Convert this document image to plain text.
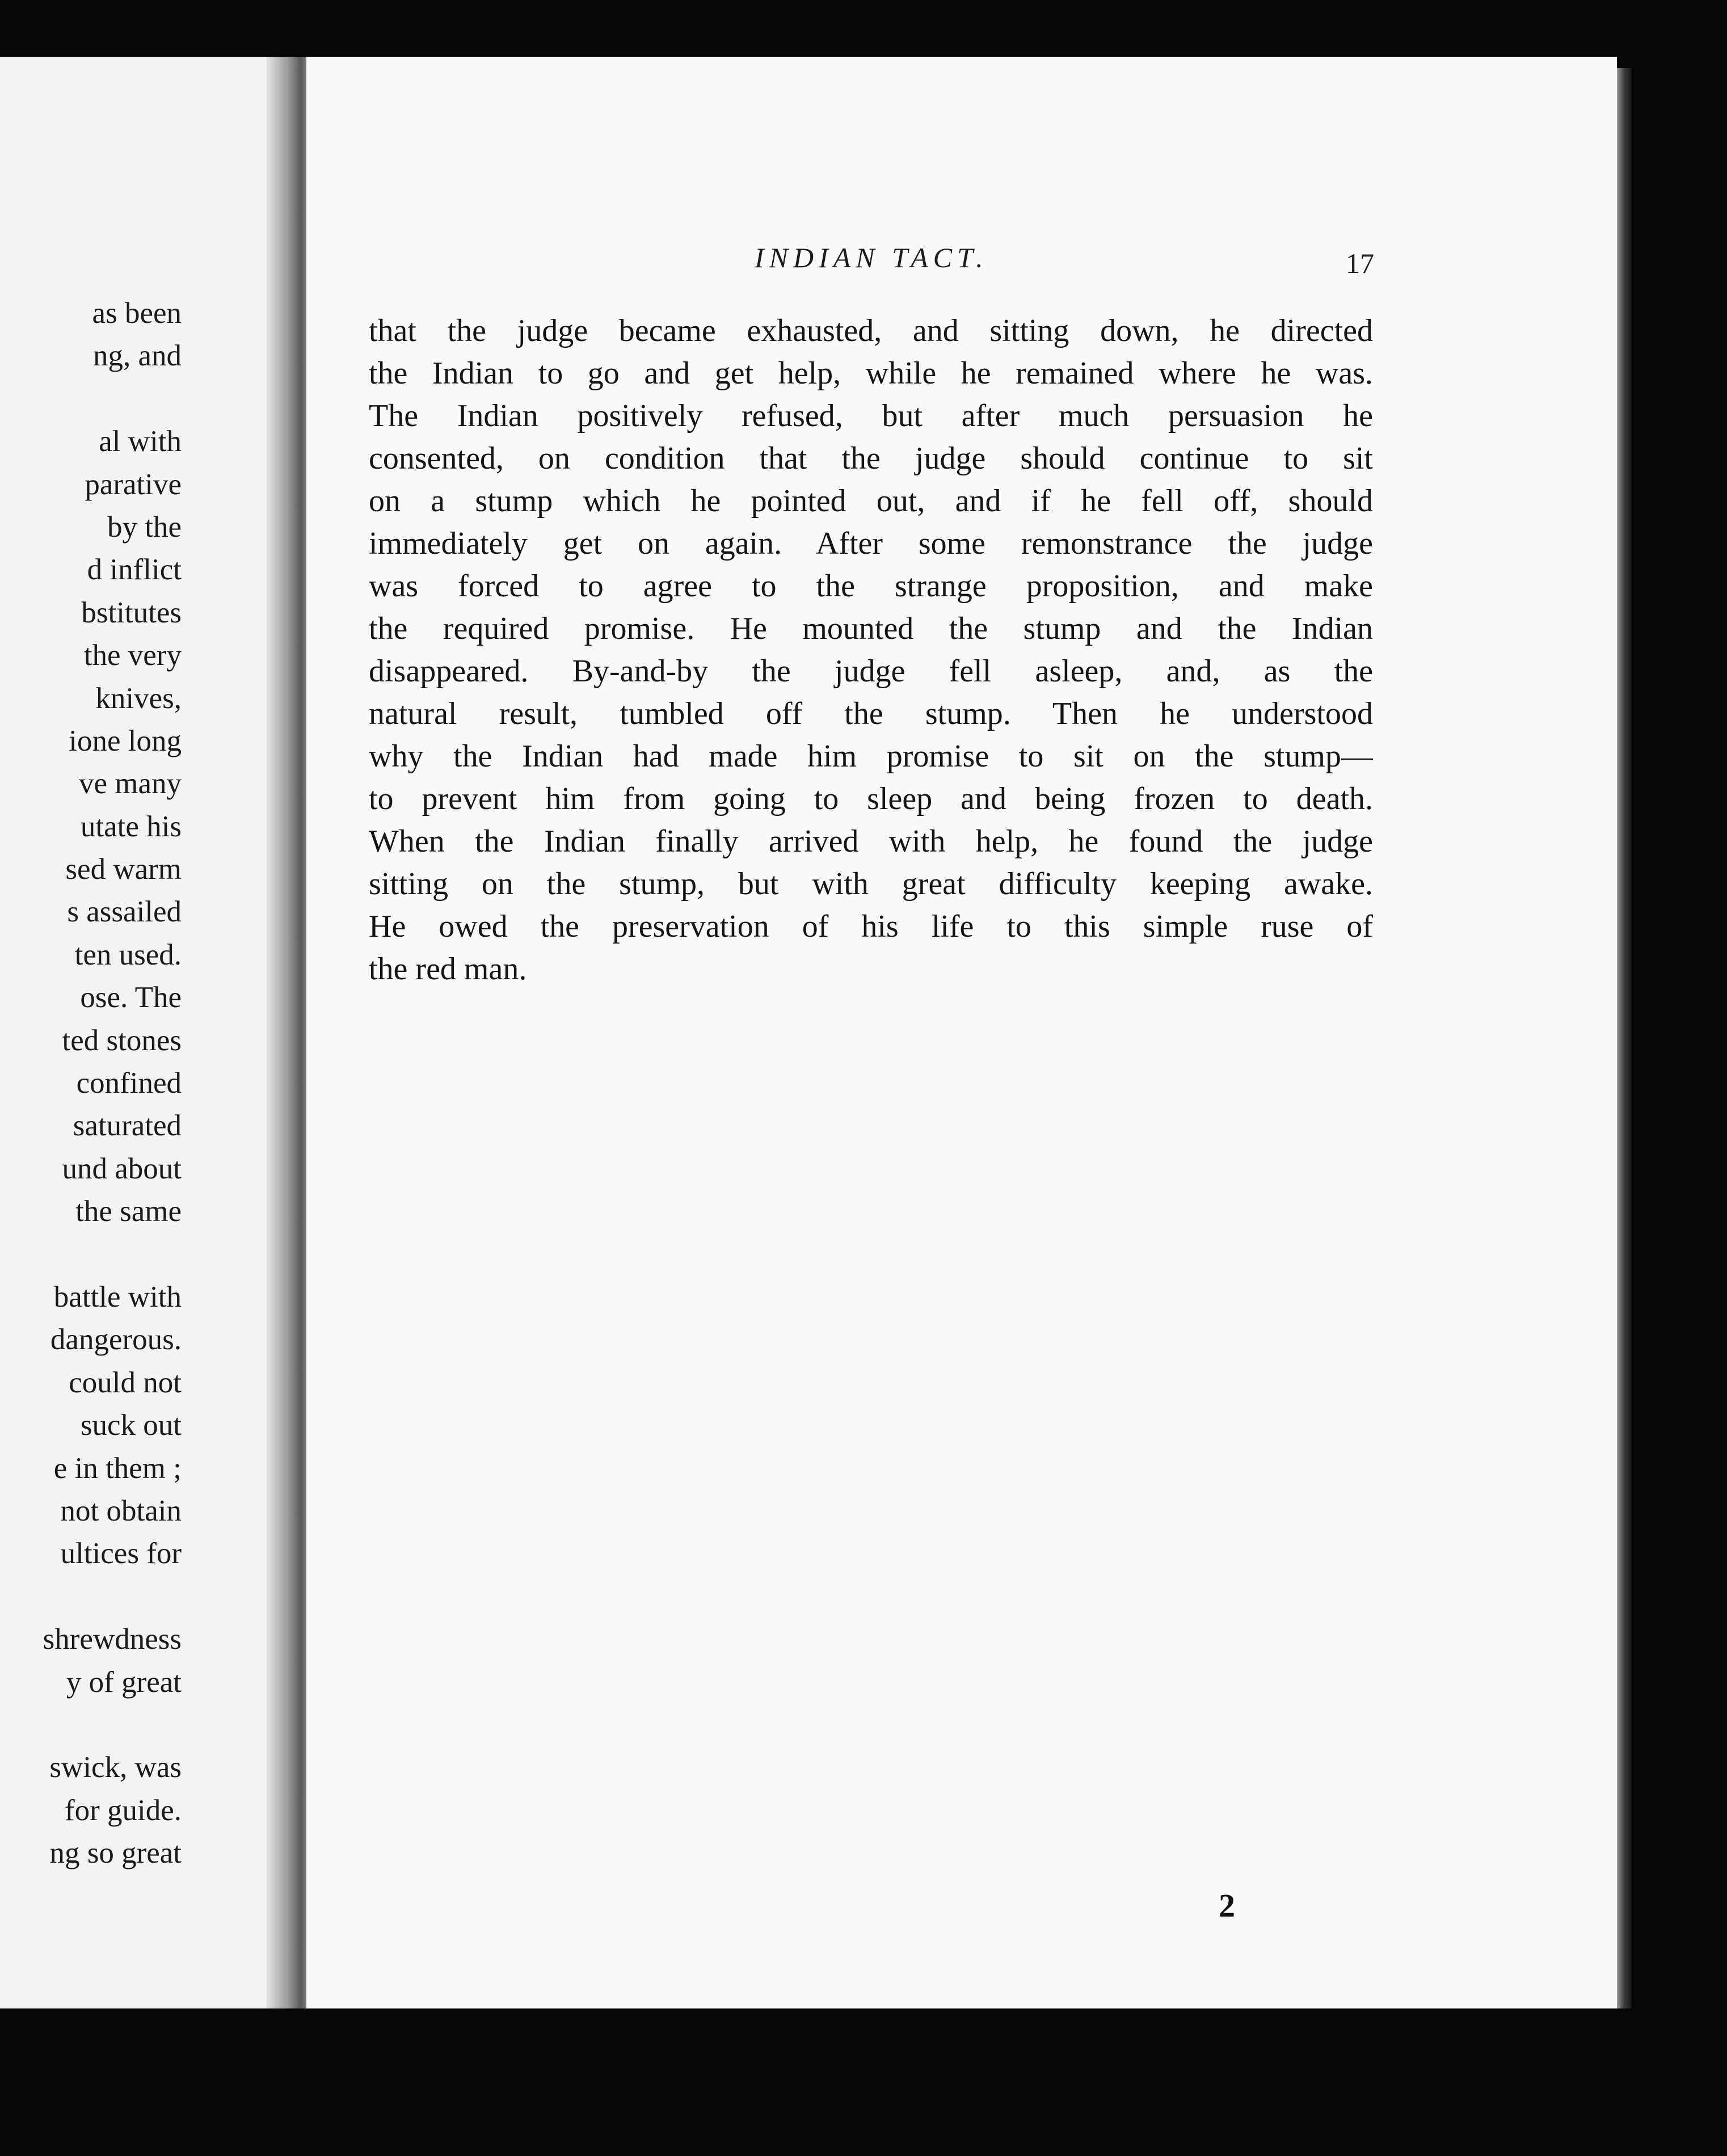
as been
ng, and
al with
parative
by the
d inflict
bstitutes
the very
knives,
ione long
ve many
utate his
sed warm
s assailed
ten used.
ose. The
ted stones
confined
saturated
und about
the same
battle with
dangerous.
could not
suck out
e in them ;
not obtain
ultices for
shrewdness
y of great
swick, was
for guide.
ng so great
INDIAN TACT.	17
that the judge became exhausted, and sitting down, he directed
the Indian to go and get help, while he remained where he was.
The Indian positively refused, but after much persuasion he
consented, on condition that the judge should continue to sit
on a stump which he pointed out, and if he fell off, should
immediately get on again. After some remonstrance the judge
was forced to agree to the strange proposition, and make
the required promise. He mounted the stump and the Indian
disappeared. By-and-by the judge fell asleep, and, as the
natural result, tumbled off the stump. Then he understood
why the Indian had made him promise to sit on the stump—
to prevent him from going to sleep and being frozen to death.
When the Indian finally arrived with help, he found the judge
sitting on the stump, but with great difficulty keeping awake.
He owed the preservation of his life to this simple ruse of
the red man.
2
